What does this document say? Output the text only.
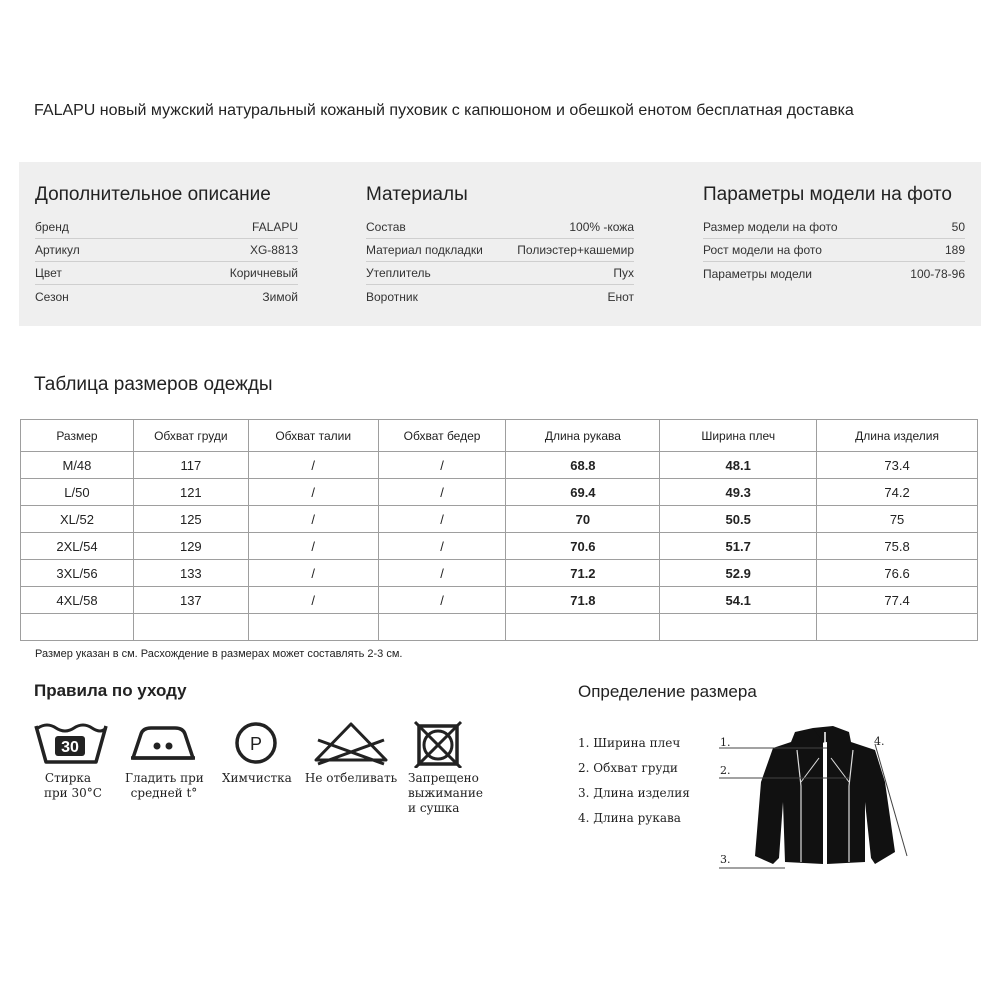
FALAPU новый мужский натуральный кожаный пуховик с капюшоном и обешкой енотом бесплатная доставка
Дополнительное описание
бренд	FALAPU
Артикул	XG-8813
Цвет	Коричневый
Сезон	Зимой
Материалы
Состав	100% -кожа
Материал подкладки	Полиэстер+кашемир
Утеплитель	Пух
Воротник	Енот
Параметры модели на фото
Размер модели на фото	50
Рост модели на фото	189
Параметры модели	100-78-96
Таблица размеров одежды
Размер	Обхват груди	Обхват талии	Обхват бедер	Длина рукава	Ширина плеч	Длина изделия
M/48	117	/	/	68.8	48.1	73.4
L/50	121	/	/	69.4	49.3	74.2
XL/52	125	/	/	70	50.5	75
2XL/54	129	/	/	70.6	51.7	75.8
3XL/56	133	/	/	71.2	52.9	76.6
4XL/58	137	/	/	71.8	54.1	77.4

Размер указан в см. Расхождение в размерах может составлять 2-3 см.
Правила по уходу
30
Стирка
при 30°C
Гладить при
средней t°
P
Химчистка Не отбеливать Запрещено
выжимание
и сушка
Определение размера
1. Ширина плеч
2. Обхват груди
3. Длина изделия
4. Длина рукава
1.
2.
3.
4.
